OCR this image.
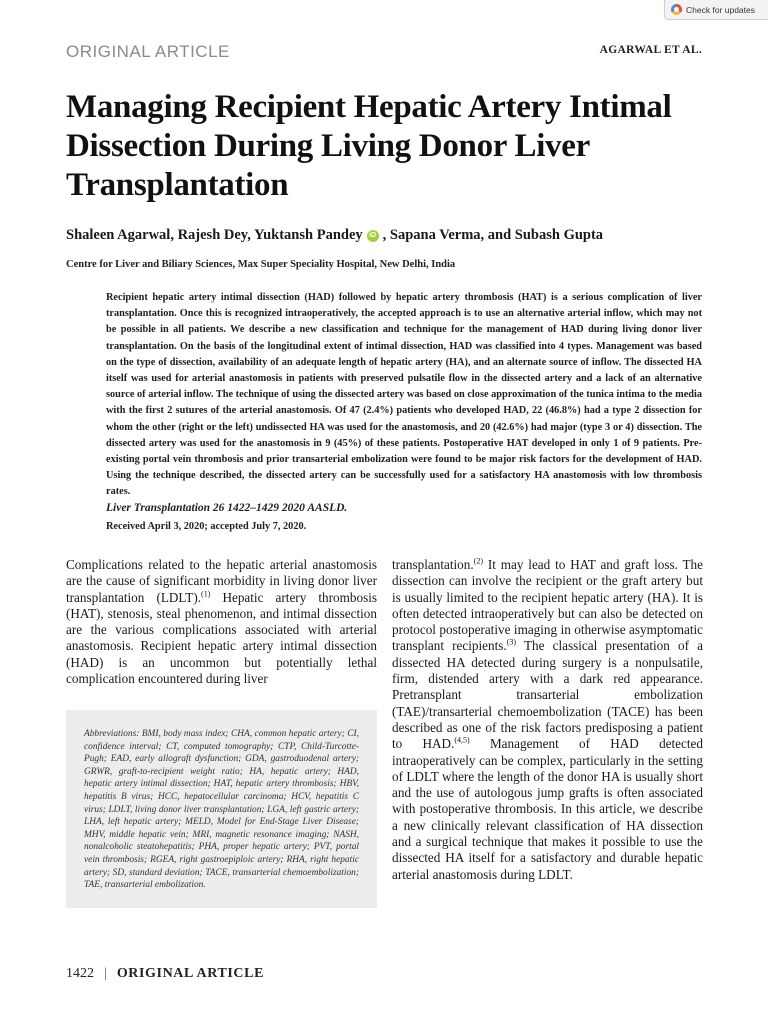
Check for updates
ORIGINAL ARTICLE	AGARWAL ET AL.
Managing Recipient Hepatic Artery Intimal Dissection During Living Donor Liver Transplantation
Shaleen Agarwal, Rajesh Dey, Yuktansh Pandey iD , Sapana Verma, and Subash Gupta
Centre for Liver and Biliary Sciences, Max Super Speciality Hospital, New Delhi, India

Recipient hepatic artery intimal dissection (HAD) followed by hepatic artery thrombosis (HAT) is a serious complication of liver transplantation. Once this is recognized intraoperatively, the accepted approach is to use an alternative arterial inflow, which may not be possible in all patients. We describe a new classification and technique for the management of HAD during living donor liver transplantation. On the basis of the longitudinal extent of intimal dissection, HAD was classified into 4 types. Management was based on the type of dissection, availability of an adequate length of hepatic artery (HA), and an alternate source of inflow. The dissected HA itself was used for arterial anastomosis in patients with preserved pulsatile flow in the dissected artery and a lack of an alternative source of arterial inflow. The technique of using the dissected artery was based on close approximation of the tunica intima to the media with the first 2 sutures of the arterial anastomosis. Of 47 (2.4%) patients who developed HAD, 22 (46.8%) had a type 2 dissection for whom the other (right or the left) undissected HA was used for the anastomosis, and 20 (42.6%) had major (type 3 or 4) dissection. The dissected artery was used for the anastomosis in 9 (45%) of these patients. Postoperative HAT developed in only 1 of 9 patients. Pre-existing portal vein thrombosis and prior transarterial embolization were found to be major risk factors for the development of HAD. Using the technique described, the dissected artery can be successfully used for a satisfactory HA anastomosis with low thrombosis rates.

Liver Transplantation 26 1422–1429 2020 AASLD.
Received April 3, 2020; accepted July 7, 2020.
Complications related to the hepatic arterial anastomosis are the cause of significant morbidity in living donor liver transplantation (LDLT).$^{(1)}$ Hepatic artery thrombosis (HAT), stenosis, steal phenomenon, and intimal dissection are the various complications associated with arterial anastomosis. Recipient hepatic artery intimal dissection (HAD) is an uncommon but potentially lethal complication encountered during liver

Abbreviations: BMI, body mass index; CHA, common hepatic artery; CI, confidence interval; CT, computed tomography; CTP, Child-Turcotte-Pugh; EAD, early allograft dysfunction; GDA, gastroduodenal artery; GRWR, graft-to-recipient weight ratio; HA, hepatic artery; HAD, hepatic artery intimal dissection; HAT, hepatic artery thrombosis; HBV, hepatitis B virus; HCC, hepatocellular carcinoma; HCV, hepatitis C virus; LDLT, living donor liver transplantation; LGA, left gastric artery; LHA, left hepatic artery; MELD, Model for End-Stage Liver Disease; MHV, middle hepatic vein; MRI, magnetic resonance imaging; NASH, nonalcoholic steatohepatitis; PHA, proper hepatic artery; PVT, portal vein thrombosis; RGEA, right gastroepiploic artery; RHA, right hepatic artery; SD, standard deviation; TACE, transarterial chemoembolization; TAE, transarterial embolization.

transplantation.$^{(2)}$ It may lead to HAT and graft loss. The dissection can involve the recipient or the graft artery but is usually limited to the recipient hepatic artery (HA). It is often detected intraoperatively but can also be detected on protocol postoperative imaging in otherwise asymptomatic transplant recipients.$^{(3)}$ The classical presentation of a dissected HA detected during surgery is a nonpulsatile, firm, distended artery with a dark red appearance. Pretransplant transarterial embolization (TAE)/transarterial chemoembolization (TACE) has been described as one of the risk factors predisposing a patient to HAD.$^{(4,5)}$ Management of HAD detected intraoperatively can be complex, particularly in the setting of LDLT where the length of the donor HA is usually short and the use of autologous jump grafts is often associated with postoperative thrombosis. In this article, we describe a new clinically relevant classification of HA dissection and a surgical technique that makes it possible to use the dissected HA itself for a satisfactory and durable hepatic arterial anastomosis during LDLT.
1422 | ORIGINAL ARTICLE
